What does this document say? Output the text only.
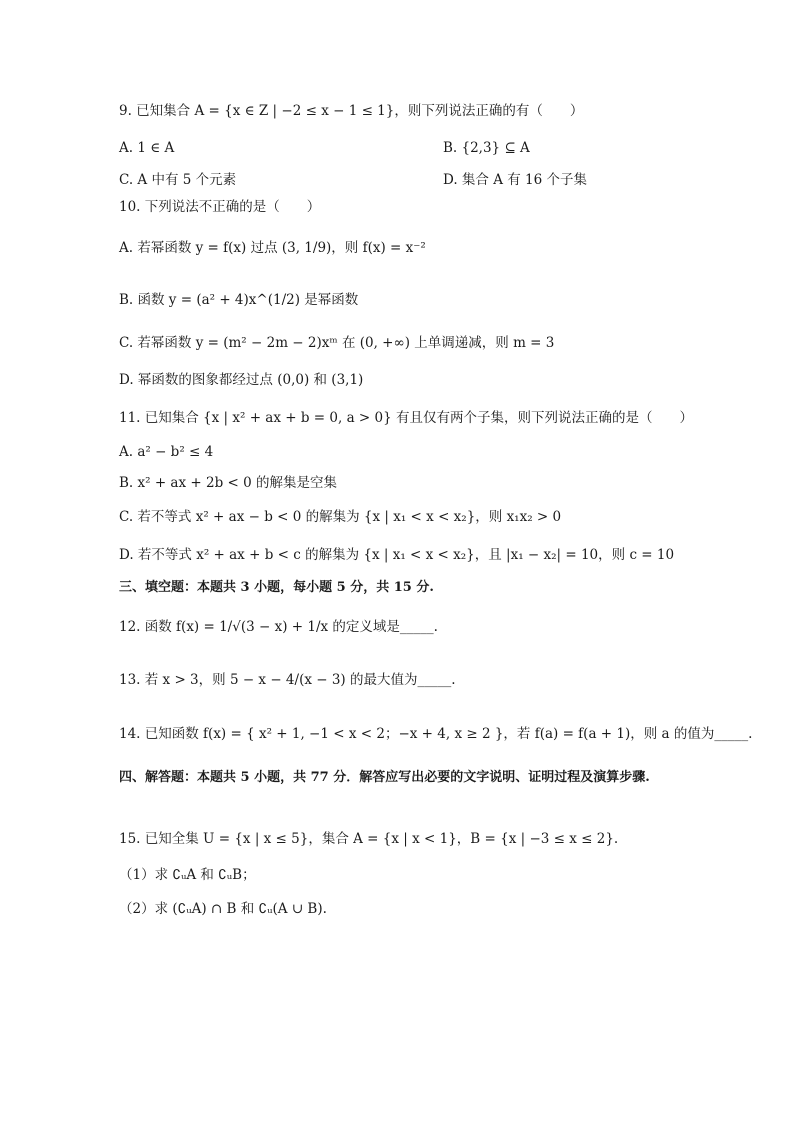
9. 已知集合 A = {x ∈ Z | −2 ≤ x − 1 ≤ 1}，则下列说法正确的有（　　）
A. 1 ∈ A	B. {2,3} ⊆ A
C. A 中有 5 个元素	D. 集合 A 有 16 个子集
10. 下列说法不正确的是（　　）
A. 若幂函数 y = f(x) 过点 (3, 1/9)，则 f(x) = x⁻²
B. 函数 y = (a² + 4)x^(1/2) 是幂函数
C. 若幂函数 y = (m² − 2m − 2)xᵐ 在 (0, +∞) 上单调递减，则 m = 3
D. 幂函数的图象都经过点 (0,0) 和 (3,1)
11. 已知集合 {x | x² + ax + b = 0, a > 0} 有且仅有两个子集，则下列说法正确的是（　　）
A. a² − b² ≤ 4
B. x² + ax + 2b < 0 的解集是空集
C. 若不等式 x² + ax − b < 0 的解集为 {x | x₁ < x < x₂}，则 x₁x₂ > 0
D. 若不等式 x² + ax + b < c 的解集为 {x | x₁ < x < x₂}，且 |x₁ − x₂| = 10，则 c = 10
三、填空题：本题共 3 小题，每小题 5 分，共 15 分.
12. 函数 f(x) = 1/√(3 − x) + 1/x 的定义域是_____.
13. 若 x > 3，则 5 − x − 4/(x − 3) 的最大值为_____.
14. 已知函数 f(x) = { x² + 1, −1 < x < 2；−x + 4, x ≥ 2 }，若 f(a) = f(a + 1)，则 a 的值为_____.
四、解答题：本题共 5 小题，共 77 分．解答应写出必要的文字说明、证明过程及演算步骤.
15. 已知全集 U = {x | x ≤ 5}，集合 A = {x | x < 1}，B = {x | −3 ≤ x ≤ 2}.
（1）求 ∁ᵤA 和 ∁ᵤB；
（2）求 (∁ᵤA) ∩ B 和 ∁ᵤ(A ∪ B).
